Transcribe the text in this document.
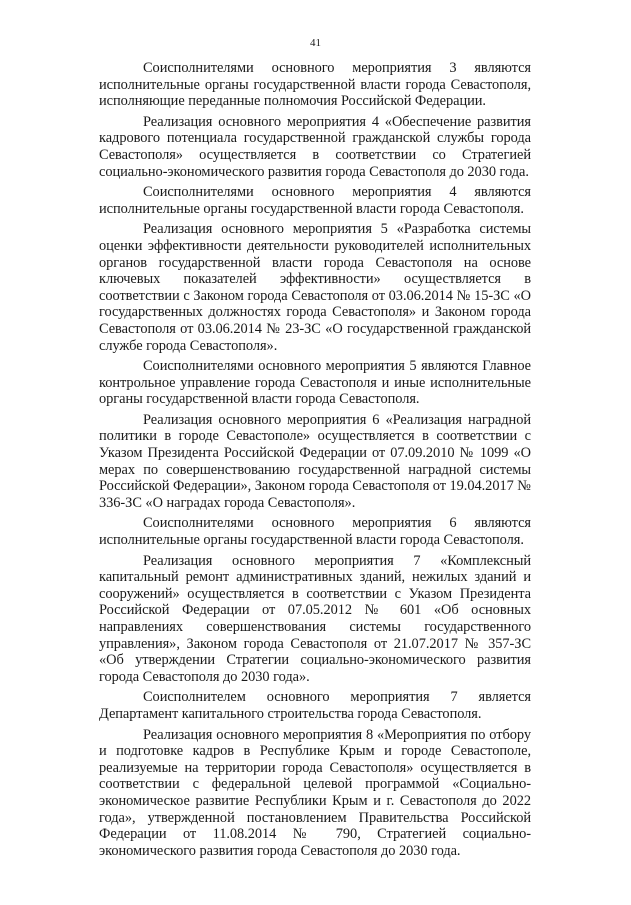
41

Соисполнителями основного мероприятия 3 являются исполнительные органы государственной власти города Севастополя, исполняющие переданные полномочия Российской Федерации.

Реализация основного мероприятия 4 «Обеспечение развития кадрового потенциала государственной гражданской службы города Севастополя» осуществляется в соответствии со Стратегией социально-экономического развития города Севастополя до 2030 года.

Соисполнителями основного мероприятия 4 являются исполнительные органы государственной власти города Севастополя.

Реализация основного мероприятия 5 «Разработка системы оценки эффективности деятельности руководителей исполнительных органов государственной власти города Севастополя на основе ключевых показателей эффективности» осуществляется в соответствии с Законом города Севастополя от 03.06.2014 № 15-ЗС «О государственных должностях города Севастополя» и Законом города Севастополя от 03.06.2014 № 23-ЗС «О государственной гражданской службе города Севастополя».

Соисполнителями основного мероприятия 5 являются Главное контрольное управление города Севастополя и иные исполнительные органы государственной власти города Севастополя.

Реализация основного мероприятия 6 «Реализация наградной политики в городе Севастополе» осуществляется в соответствии с Указом Президента Российской Федерации от 07.09.2010 № 1099 «О мерах по совершенствованию государственной наградной системы Российской Федерации», Законом города Севастополя от 19.04.2017 № 336-ЗС «О наградах города Севастополя».

Соисполнителями основного мероприятия 6 являются исполнительные органы государственной власти города Севастополя.

Реализация основного мероприятия 7 «Комплексный капитальный ремонт административных зданий, нежилых зданий и сооружений» осуществляется в соответствии с Указом Президента Российской Федерации от 07.05.2012 № 601 «Об основных направлениях совершенствования системы государственного управления», Законом города Севастополя от 21.07.2017 № 357-ЗС «Об утверждении Стратегии социально-экономического развития города Севастополя до 2030 года».

Соисполнителем основного мероприятия 7 является Департамент капитального строительства города Севастополя.

Реализация основного мероприятия 8 «Мероприятия по отбору и подготовке кадров в Республике Крым и городе Севастополе, реализуемые на территории города Севастополя» осуществляется в соответствии с федеральной целевой программой «Социально-экономическое развитие Республики Крым и г. Севастополя до 2022 года», утвержденной постановлением Правительства Российской Федерации от 11.08.2014 № 790, Стратегией социально-экономического развития города Севастополя до 2030 года.
